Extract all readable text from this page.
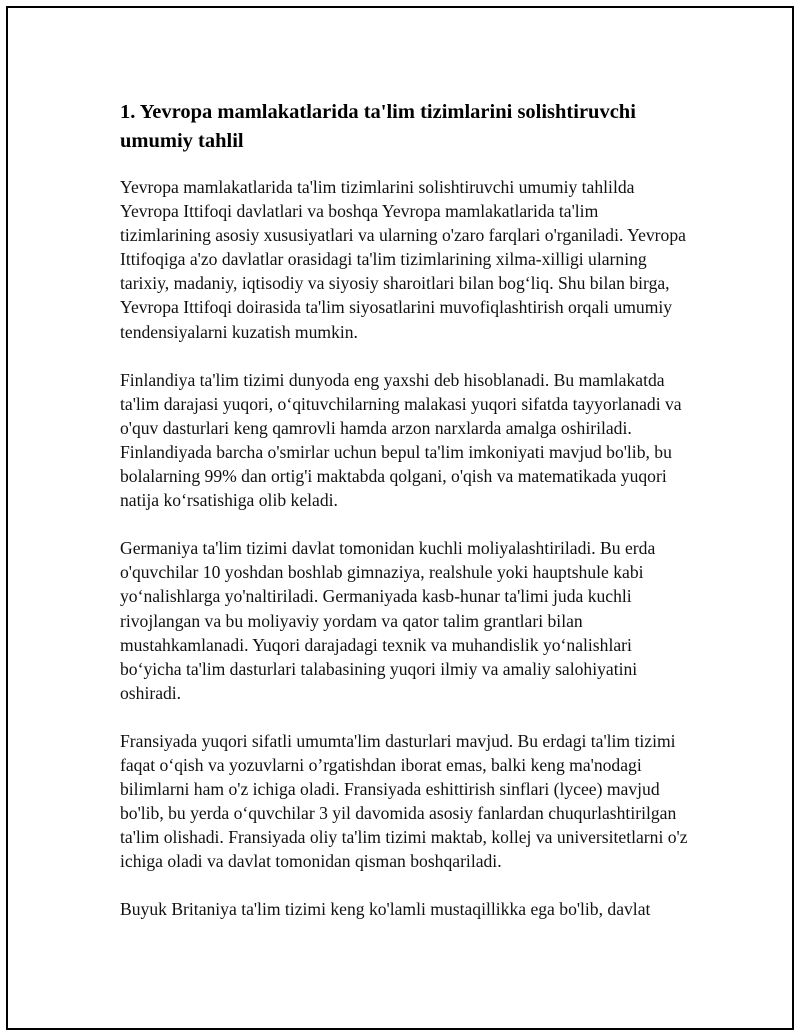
1. Yevropa mamlakatlarida ta'lim tizimlarini solishtiruvchi umumiy tahlil

Yevropa mamlakatlarida ta'lim tizimlarini solishtiruvchi umumiy tahlilda Yevropa Ittifoqi davlatlari va boshqa Yevropa mamlakatlarida ta'lim tizimlarining asosiy xususiyatlari va ularning o'zaro farqlari o'rganiladi. Yevropa Ittifoqiga a'zo davlatlar orasidagi ta'lim tizimlarining xilma-xilligi ularning tarixiy, madaniy, iqtisodiy va siyosiy sharoitlari bilan bog‘liq. Shu bilan birga, Yevropa Ittifoqi doirasida ta'lim siyosatlarini muvofiqlashtirish orqali umumiy tendensiyalarni kuzatish mumkin.

Finlandiya ta'lim tizimi dunyoda eng yaxshi deb hisoblanadi. Bu mamlakatda ta'lim darajasi yuqori, o‘qituvchilarning malakasi yuqori sifatda tayyorlanadi va o'quv dasturlari keng qamrovli hamda arzon narxlarda amalga oshiriladi. Finlandiyada barcha o'smirlar uchun bepul ta'lim imkoniyati mavjud bo'lib, bu bolalarning 99% dan ortig'i maktabda qolgani, o'qish va matematikada yuqori natija ko‘rsatishiga olib keladi.

Germaniya ta'lim tizimi davlat tomonidan kuchli moliyalashtiriladi. Bu erda o'quvchilar 10 yoshdan boshlab gimnaziya, realshule yoki hauptshule kabi yo‘nalishlarga yo'naltiriladi. Germaniyada kasb-hunar ta'limi juda kuchli rivojlangan va bu moliyaviy yordam va qator talim grantlari bilan mustahkamlanadi. Yuqori darajadagi texnik va muhandislik yo‘nalishlari bo‘yicha ta'lim dasturlari talabasining yuqori ilmiy va amaliy salohiyatini oshiradi.

Fransiyada yuqori sifatli umumta'lim dasturlari mavjud. Bu erdagi ta'lim tizimi faqat o‘qish va yozuvlarni o’rgatishdan iborat emas, balki keng ma'nodagi bilimlarni ham o'z ichiga oladi. Fransiyada eshittirish sinflari (lycee) mavjud bo'lib, bu yerda o‘quvchilar 3 yil davomida asosiy fanlardan chuqurlashtirilgan ta'lim olishadi. Fransiyada oliy ta'lim tizimi maktab, kollej va universitetlarni o'z ichiga oladi va davlat tomonidan qisman boshqariladi.

Buyuk Britaniya ta'lim tizimi keng ko'lamli mustaqillikka ega bo'lib, davlat
